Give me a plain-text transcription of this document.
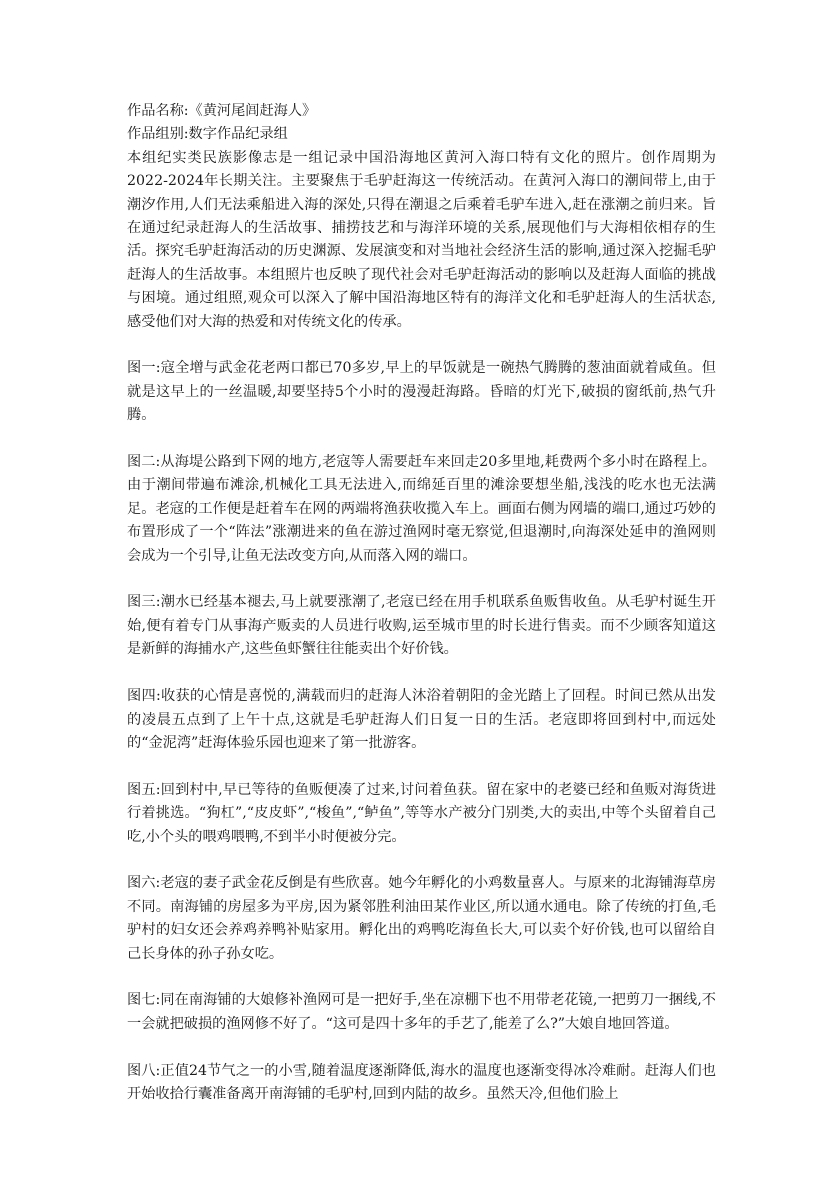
作品名称:《黄河尾闾赶海人》

作品组别:数字作品纪录组

本组纪实类民族影像志是一组记录中国沿海地区黄河入海口特有文化的照片。创作周期为2022-2024年长期关注。主要聚焦于毛驴赶海这一传统活动。在黄河入海口的潮间带上,由于潮汐作用,人们无法乘船进入海的深处,只得在潮退之后乘着毛驴车进入,赶在涨潮之前归来。旨在通过纪录赶海人的生活故事、捕捞技艺和与海洋环境的关系,展现他们与大海相依相存的生活。探究毛驴赶海活动的历史渊源、发展演变和对当地社会经济生活的影响,通过深入挖掘毛驴赶海人的生活故事。本组照片也反映了现代社会对毛驴赶海活动的影响以及赶海人面临的挑战与困境。通过组照,观众可以深入了解中国沿海地区特有的海洋文化和毛驴赶海人的生活状态,感受他们对大海的热爱和对传统文化的传承。

图一:寇全增与武金花老两口都已70多岁,早上的早饭就是一碗热气腾腾的葱油面就着咸鱼。但就是这早上的一丝温暖,却要坚持5个小时的漫漫赶海路。昏暗的灯光下,破损的窗纸前,热气升腾。

图二:从海堤公路到下网的地方,老寇等人需要赶车来回走20多里地,耗费两个多小时在路程上。由于潮间带遍布滩涂,机械化工具无法进入,而绵延百里的滩涂要想坐船,浅浅的吃水也无法满足。老寇的工作便是赶着车在网的两端将渔获收揽入车上。画面右侧为网墙的端口,通过巧妙的布置形成了一个“阵法”涨潮进来的鱼在游过渔网时毫无察觉,但退潮时,向海深处延申的渔网则会成为一个引导,让鱼无法改变方向,从而落入网的端口。

图三:潮水已经基本褪去,马上就要涨潮了,老寇已经在用手机联系鱼贩售收鱼。从毛驴村诞生开始,便有着专门从事海产贩卖的人员进行收购,运至城市里的时长进行售卖。而不少顾客知道这是新鲜的海捕水产,这些鱼虾蟹往往能卖出个好价钱。

图四:收获的心情是喜悦的,满载而归的赶海人沐浴着朝阳的金光踏上了回程。时间已然从出发的凌晨五点到了上午十点,这就是毛驴赶海人们日复一日的生活。老寇即将回到村中,而远处的“金泥湾”赶海体验乐园也迎来了第一批游客。

图五:回到村中,早已等待的鱼贩便凑了过来,讨问着鱼获。留在家中的老婆已经和鱼贩对海货进行着挑选。“狗杠”,“皮皮虾”,“梭鱼”,“鲈鱼”,等等水产被分门别类,大的卖出,中等个头留着自己吃,小个头的喂鸡喂鸭,不到半小时便被分完。

图六:老寇的妻子武金花反倒是有些欣喜。她今年孵化的小鸡数量喜人。与原来的北海铺海草房不同。南海铺的房屋多为平房,因为紧邻胜利油田某作业区,所以通水通电。除了传统的打鱼,毛驴村的妇女还会养鸡养鸭补贴家用。孵化出的鸡鸭吃海鱼长大,可以卖个好价钱,也可以留给自己长身体的孙子孙女吃。

图七:同在南海铺的大娘修补渔网可是一把好手,坐在凉棚下也不用带老花镜,一把剪刀一捆线,不一会就把破损的渔网修不好了。“这可是四十多年的手艺了,能差了么?”大娘自地回答道。

图八:正值24节气之一的小雪,随着温度逐渐降低,海水的温度也逐渐变得冰冷难耐。赶海人们也开始收拾行囊准备离开南海铺的毛驴村,回到内陆的故乡。虽然天冷,但他们脸上
